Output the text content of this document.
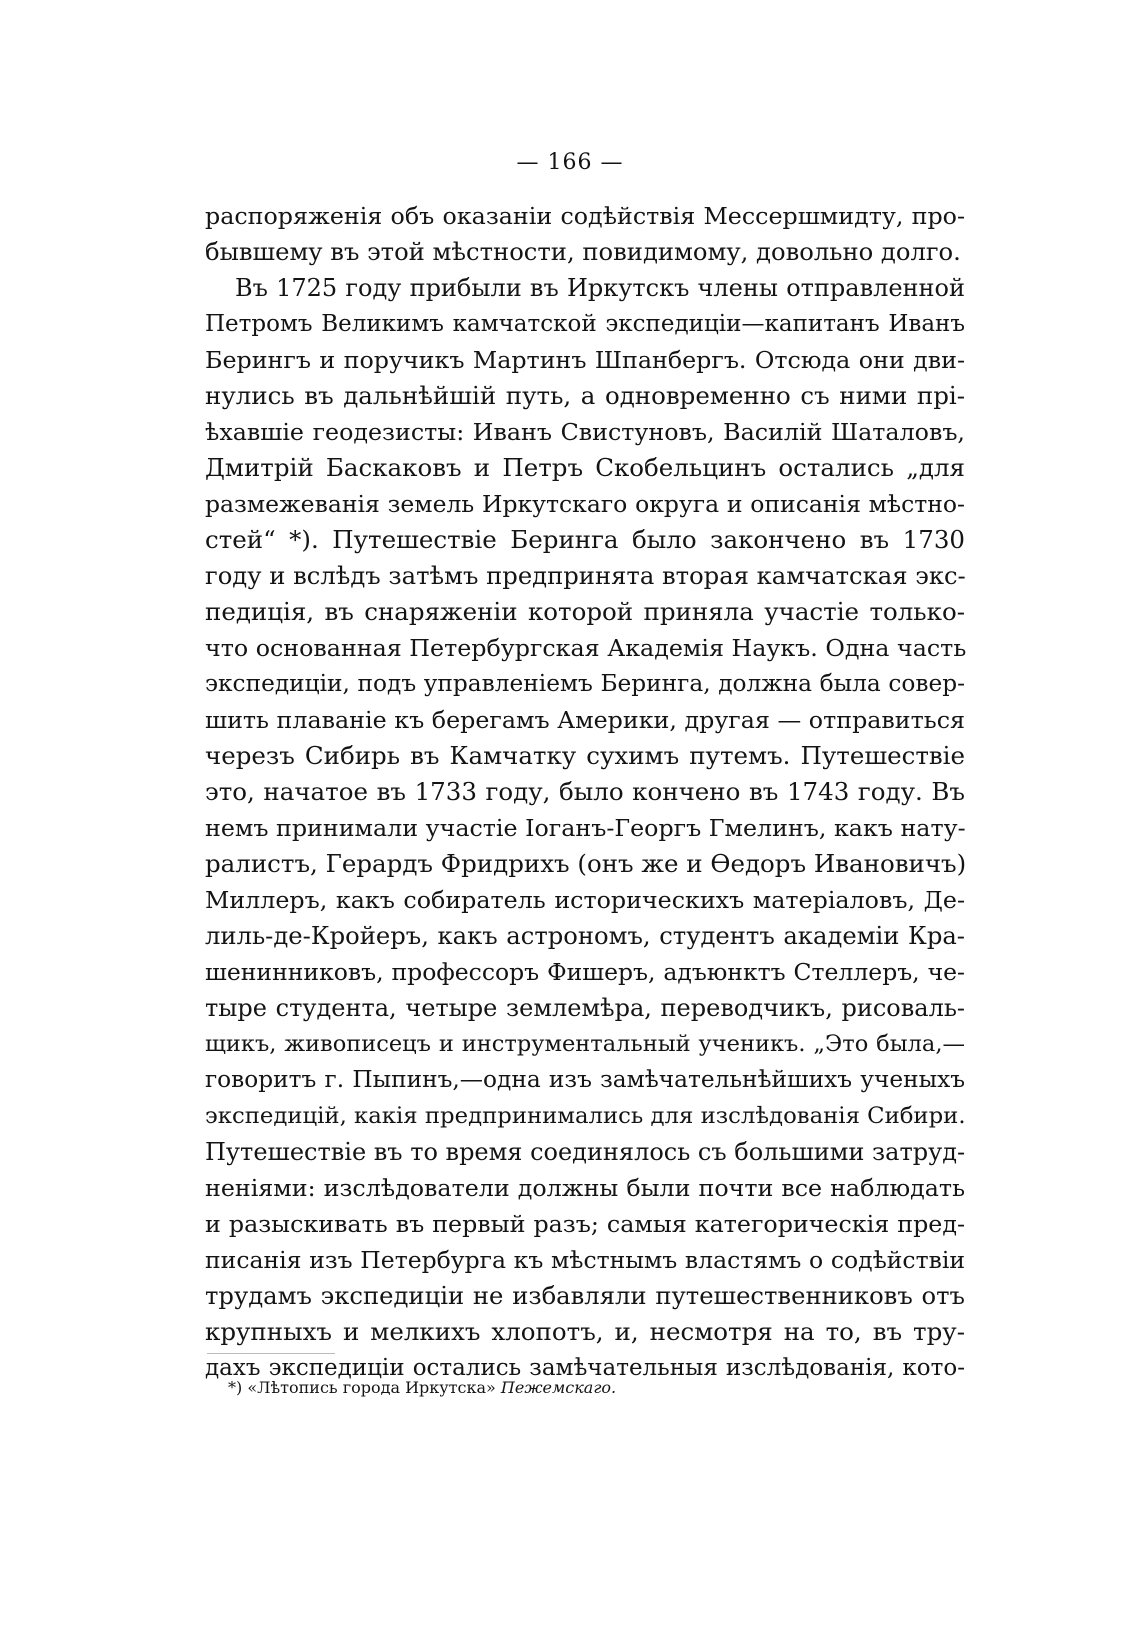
— 166 —
распоряженія объ оказаніи содѣйствія Мессершмидту, про-
бывшему въ этой мѣстности, повидимому, довольно долго.
Въ 1725 году прибыли въ Иркутскъ члены отправленной
Петромъ Великимъ камчатской экспедиціи—капитанъ Иванъ
Берингъ и поручикъ Мартинъ Шпанбергъ. Отсюда они дви-
нулись въ дальнѣйшій путь, а одновременно съ ними прі-
ѣхавшіе геодезисты: Иванъ Свистуновъ, Василій Шаталовъ,
Дмитрій Баскаковъ и Петръ Скобельцинъ остались „для
размежеванія земель Иркутскаго округа и описанія мѣстно-
стей“ *). Путешествіе Беринга было закончено въ 1730
году и вслѣдъ затѣмъ предпринята вторая камчатская экс-
педиція, въ снаряженіи которой приняла участіе только-
что основанная Петербургская Академія Наукъ. Одна часть
экспедиціи, подъ управленіемъ Беринга, должна была совер-
шить плаваніе къ берегамъ Америки, другая — отправиться
черезъ Сибирь въ Камчатку сухимъ путемъ. Путешествіе
это, начатое въ 1733 году, было кончено въ 1743 году. Въ
немъ принимали участіе Іоганъ-Георгъ Гмелинъ, какъ нату-
ралистъ, Герардъ Фридрихъ (онъ же и Ѳедоръ Ивановичъ)
Миллеръ, какъ собиратель историческихъ матеріаловъ, Де-
лиль-де-Кройеръ, какъ астрономъ, студентъ академіи Кра-
шенинниковъ, профессоръ Фишеръ, адъюнктъ Стеллеръ, че-
тыре студента, четыре землемѣра, переводчикъ, рисоваль-
щикъ, живописецъ и инструментальный ученикъ. „Это была,—
говоритъ г. Пыпинъ,—одна изъ замѣчательнѣйшихъ ученыхъ
экспедицій, какія предпринимались для изслѣдованія Сибири.
Путешествіе въ то время соединялось съ большими затруд-
неніями: изслѣдователи должны были почти все наблюдать
и разыскивать въ первый разъ; самыя категорическія пред-
писанія изъ Петербурга къ мѣстнымъ властямъ о содѣйствіи
трудамъ экспедиціи не избавляли путешественниковъ отъ
крупныхъ и мелкихъ хлопотъ, и, несмотря на то, въ тру-
дахъ экспедиціи остались замѣчательныя изслѣдованія, кото-
*) «Лѣтопись города Иркутска» Пежемскаго.
